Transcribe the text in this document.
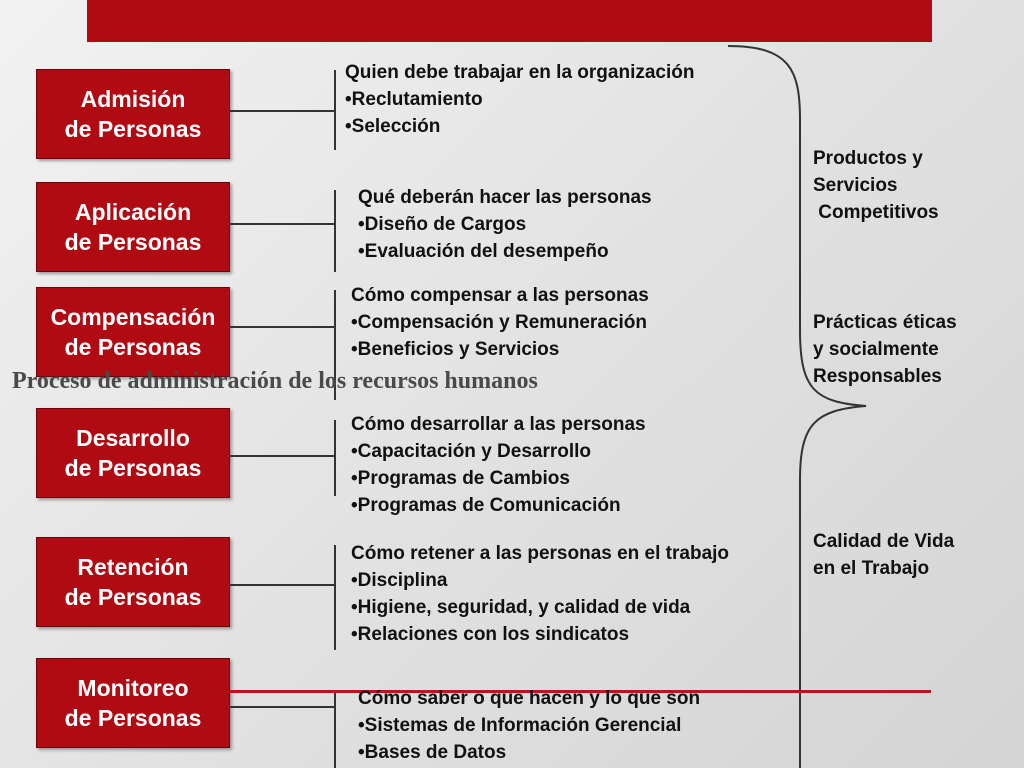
Admisión
de Personas
Aplicación
de Personas
Compensación
de Personas
Desarrollo
de Personas
Retención
de Personas
Monitoreo
de Personas
Proceso de administración de los recursos humanos
Quien debe trabajar en la organización
•Reclutamiento
•Selección
Qué deberán hacer las personas
•Diseño de Cargos
•Evaluación del desempeño
Cómo compensar a las personas
•Compensación y Remuneración
•Beneficios y Servicios
Cómo desarrollar a las personas
•Capacitación y Desarrollo
•Programas de Cambios
•Programas de Comunicación
Cómo retener a las personas en el trabajo
•Disciplina
•Higiene, seguridad, y calidad de vida
•Relaciones con los sindicatos
Cómo saber o que hacen y lo que son
•Sistemas de Información Gerencial
•Bases de Datos
Productos y
Servicios
Competitivos
Prácticas éticas
y socialmente
Responsables
Calidad de Vida
en el Trabajo
